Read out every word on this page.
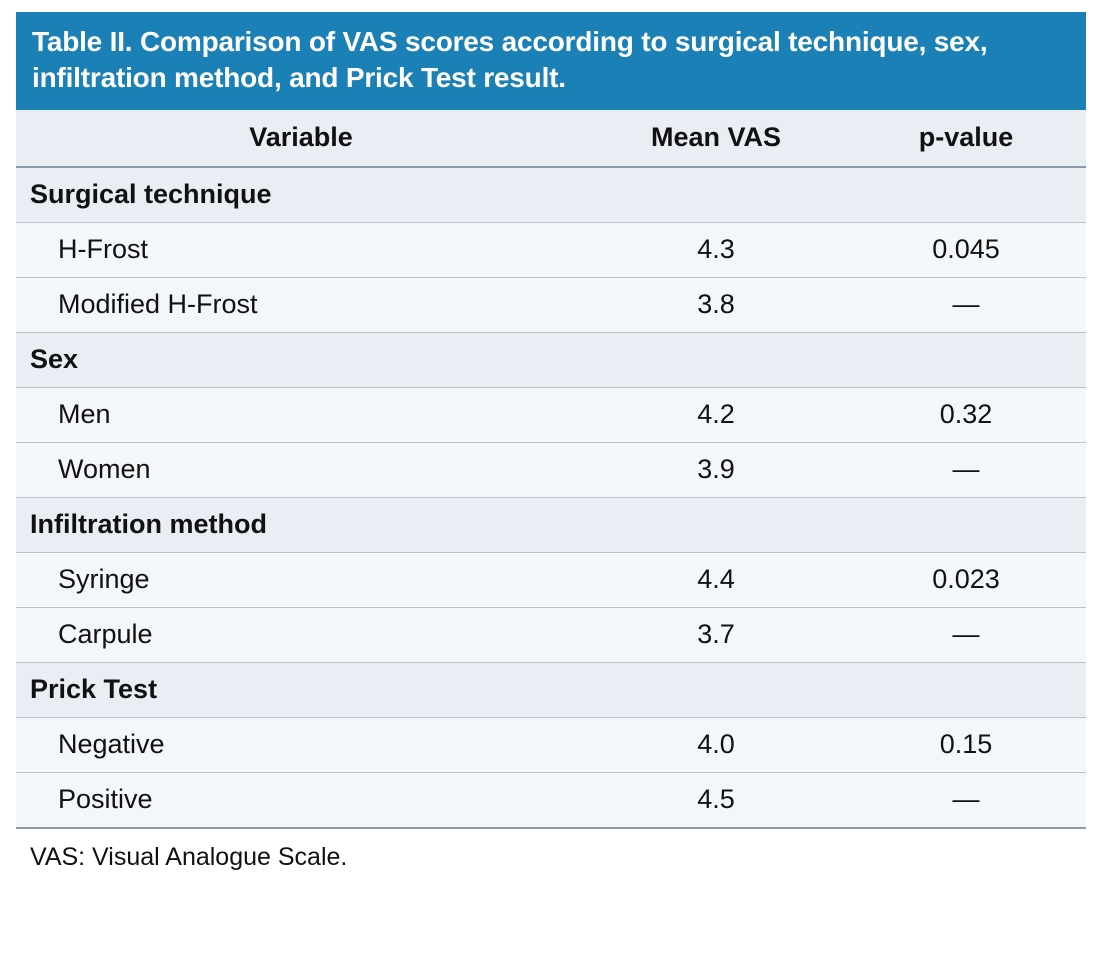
Table II. Comparison of VAS scores according to surgical technique, sex, infiltration method, and Prick Test result.		
Variable	Mean VAS	p-value
Surgical technique		
H-Frost	4.3	0.045
Modified H-Frost	3.8	—
Sex		
Men	4.2	0.32
Women	3.9	—
Infiltration method		
Syringe	4.4	0.023
Carpule	3.7	—
Prick Test		
Negative	4.0	0.15
Positive	4.5	—
VAS: Visual Analogue Scale.
